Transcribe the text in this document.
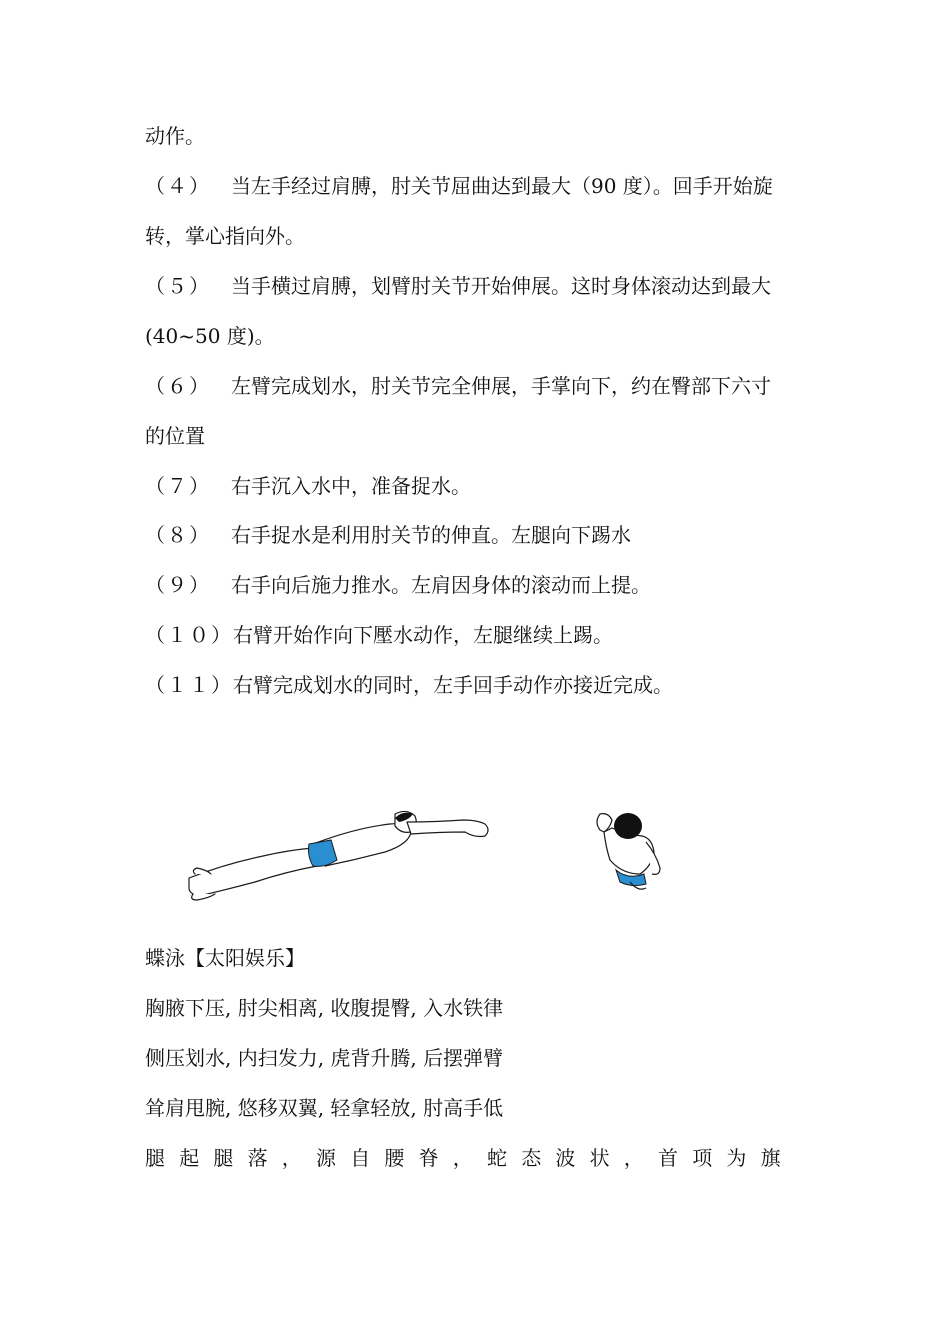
动作。
（４） 当左手经过肩膊，肘关节屈曲达到最大（90 度）。回手开始旋
转，掌心指向外。
（５） 当手横过肩膊，划臂肘关节开始伸展。这时身体滚动达到最大
(40~50 度)。
（６） 左臂完成划水，肘关节完全伸展，手掌向下，约在臀部下六寸
的位置
（７） 右手沉入水中，准备捉水。
（８） 右手捉水是利用肘关节的伸直。左腿向下踢水
（９） 右手向后施力推水。左肩因身体的滚动而上提。
（１０）右臂开始作向下壓水动作，左腿继续上踢。
（１１）右臂完成划水的同时，左手回手动作亦接近完成。
蝶泳【太阳娱乐】
胸腋下压, 肘尖相离, 收腹提臀, 入水铁律
侧压划水, 内扫发力, 虎背升腾, 后摆弹臂
耸肩甩腕, 悠移双翼, 轻拿轻放, 肘高手低
腿起腿落，源自腰脊，蛇态波状，首项为旗
